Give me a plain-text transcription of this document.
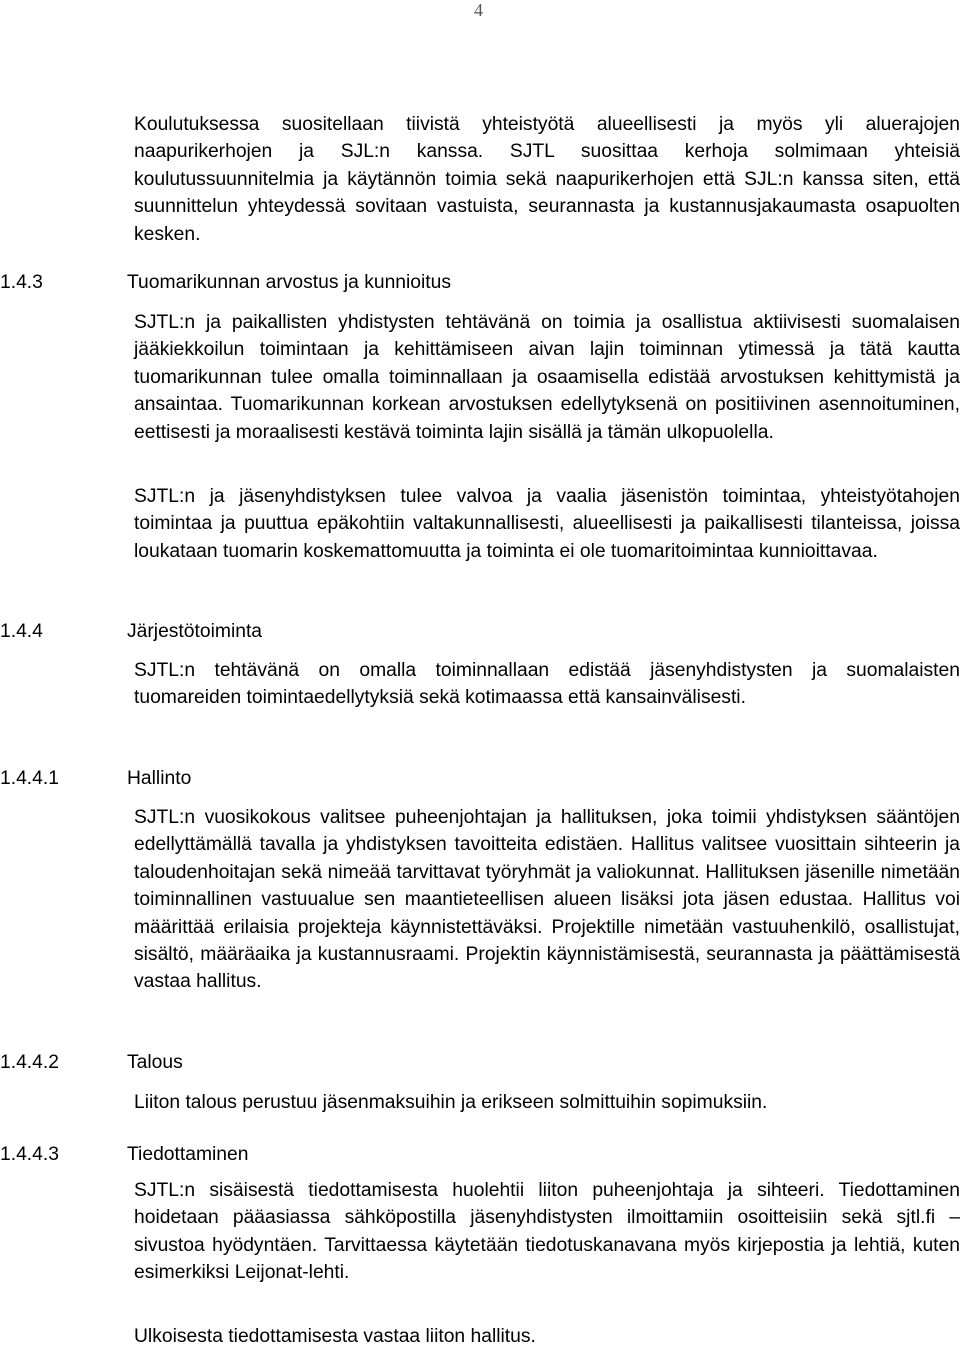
4

Koulutuksessa suositellaan tiivistä yhteistyötä alueellisesti ja myös yli aluerajojen naapurikerhojen ja SJL:n kanssa. SJTL suosittaa kerhoja solmimaan yhteisiä koulutussuunnitelmia ja käytännön toimia sekä naapurikerhojen että SJL:n kanssa siten, että suunnittelun yhteydessä sovitaan vastuista, seurannasta ja kustannusjakaumasta osapuolten kesken.

1.4.3	Tuomarikunnan arvostus ja kunnioitus

SJTL:n ja paikallisten yhdistysten tehtävänä on toimia ja osallistua aktiivisesti suomalaisen jääkiekkoilun toimintaan ja kehittämiseen aivan lajin toiminnan ytimessä ja tätä kautta tuomarikunnan tulee omalla toiminnallaan ja osaamisella edistää arvostuksen kehittymistä ja ansaintaa. Tuomarikunnan korkean arvostuksen edellytyksenä on positiivinen asennoituminen, eettisesti ja moraalisesti kestävä toiminta lajin sisällä ja tämän ulkopuolella.

SJTL:n ja jäsenyhdistyksen tulee valvoa ja vaalia jäsenistön toimintaa, yhteistyötahojen toimintaa ja puuttua epäkohtiin valtakunnallisesti, alueellisesti ja paikallisesti tilanteissa, joissa loukataan tuomarin koskemattomuutta ja toiminta ei ole tuomaritoimintaa kunnioittavaa.

1.4.4	Järjestötoiminta

SJTL:n tehtävänä on omalla toiminnallaan edistää jäsenyhdistysten ja suomalaisten tuomareiden toimintaedellytyksiä sekä kotimaassa että kansainvälisesti.

1.4.4.1	Hallinto

SJTL:n vuosikokous valitsee puheenjohtajan ja hallituksen, joka toimii yhdistyksen sääntöjen edellyttämällä tavalla ja yhdistyksen tavoitteita edistäen. Hallitus valitsee vuosittain sihteerin ja taloudenhoitajan sekä nimeää tarvittavat työryhmät ja valiokunnat. Hallituksen jäsenille nimetään toiminnallinen vastuualue sen maantieteellisen alueen lisäksi jota jäsen edustaa. Hallitus voi määrittää erilaisia projekteja käynnistettäväksi. Projektille nimetään vastuuhenkilö, osallistujat, sisältö, määräaika ja kustannusraami. Projektin käynnistämisestä, seurannasta ja päättämisestä vastaa hallitus.

1.4.4.2	Talous

Liiton talous perustuu jäsenmaksuihin ja erikseen solmittuihin sopimuksiin.

1.4.4.3	Tiedottaminen

SJTL:n sisäisestä tiedottamisesta huolehtii liiton puheenjohtaja ja sihteeri. Tiedottaminen hoidetaan pääasiassa sähköpostilla jäsenyhdistysten ilmoittamiin osoitteisiin sekä sjtl.fi –sivustoa hyödyntäen. Tarvittaessa käytetään tiedotuskanavana myös kirjepostia ja lehtiä, kuten esimerkiksi Leijonat-lehti.

Ulkoisesta tiedottamisesta vastaa liiton hallitus.
